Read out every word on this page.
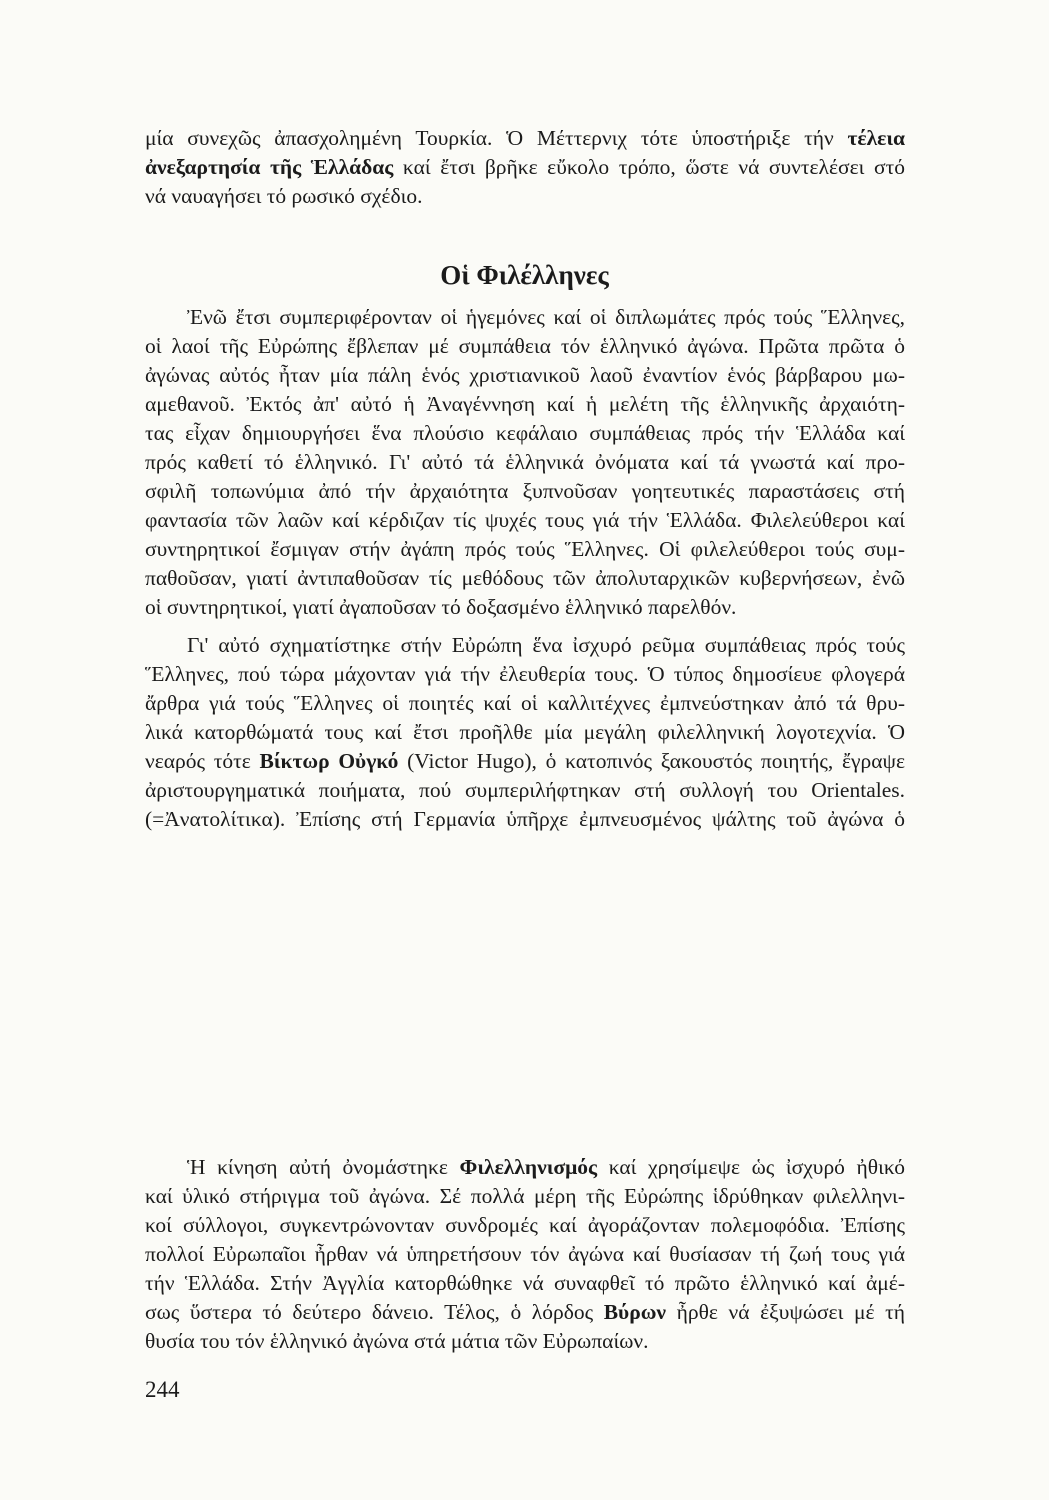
μία συνεχῶς ἀπασχολημένη Τουρκία. Ὁ Μέττερνιχ τότε ὑποστήριξε τήν τέλεια
ἀνεξαρτησία τῆς Ἑλλάδας καί ἔτσι βρῆκε εὔκολο τρόπο, ὥστε νά συντελέσει στό
νά ναυαγήσει τό ρωσικό σχέδιο.
Οἱ Φιλέλληνες
Ἐνῶ ἔτσι συμπεριφέρονταν οἱ ἡγεμόνες καί οἱ διπλωμάτες πρός τούς Ἕλληνες,
οἱ λαοί τῆς Εὐρώπης ἔβλεπαν μέ συμπάθεια τόν ἑλληνικό ἀγώνα. Πρῶτα πρῶτα ὁ
ἀγώνας αὐτός ἦταν μία πάλη ἑνός χριστιανικοῦ λαοῦ ἐναντίον ἑνός βάρβαρου μω-
αμεθανοῦ. Ἐκτός ἀπ' αὐτό ἡ Ἀναγέννηση καί ἡ μελέτη τῆς ἑλληνικῆς ἀρχαιότη-
τας εἶχαν δημιουργήσει ἕνα πλούσιο κεφάλαιο συμπάθειας πρός τήν Ἑλλάδα καί
πρός καθετί τό ἑλληνικό. Γι' αὐτό τά ἑλληνικά ὀνόματα καί τά γνωστά καί προ-
σφιλῆ τοπωνύμια ἀπό τήν ἀρχαιότητα ξυπνοῦσαν γοητευτικές παραστάσεις στή
φαντασία τῶν λαῶν καί κέρδιζαν τίς ψυχές τους γιά τήν Ἑλλάδα. Φιλελεύθεροι καί
συντηρητικοί ἔσμιγαν στήν ἀγάπη πρός τούς Ἕλληνες. Οἱ φιλελεύθεροι τούς συμ-
παθοῦσαν, γιατί ἀντιπαθοῦσαν τίς μεθόδους τῶν ἀπολυταρχικῶν κυβερνήσεων, ἐνῶ
οἱ συντηρητικοί, γιατί ἀγαποῦσαν τό δοξασμένο ἑλληνικό παρελθόν.
Γι' αὐτό σχηματίστηκε στήν Εὐρώπη ἕνα ἰσχυρό ρεῦμα συμπάθειας πρός τούς
Ἕλληνες, πού τώρα μάχονταν γιά τήν ἐλευθερία τους. Ὁ τύπος δημοσίευε φλογερά
ἄρθρα γιά τούς Ἕλληνες οἱ ποιητές καί οἱ καλλιτέχνες ἐμπνεύστηκαν ἀπό τά θρυ-
λικά κατορθώματά τους καί ἔτσι προῆλθε μία μεγάλη φιλελληνική λογοτεχνία. Ὁ
νεαρός τότε Βίκτωρ Οὐγκό (Victor Hugo), ὁ κατοπινός ξακουστός ποιητής, ἔγραψε
ἀριστουργηματικά ποιήματα, πού συμπεριλήφτηκαν στή συλλογή του Orientales.
(=Ἀνατολίτικα). Ἐπίσης στή Γερμανία ὑπῆρχε ἐμπνευσμένος ψάλτης τοῦ ἀγώνα ὁ
Ἡ κίνηση αὐτή ὀνομάστηκε Φιλελληνισμός καί χρησίμεψε ὡς ἰσχυρό ἠθικό
καί ὑλικό στήριγμα τοῦ ἀγώνα. Σέ πολλά μέρη τῆς Εὐρώπης ἱδρύθηκαν φιλελληνι-
κοί σύλλογοι, συγκεντρώνονταν συνδρομές καί ἀγοράζονταν πολεμοφόδια. Ἐπίσης
πολλοί Εὐρωπαῖοι ἦρθαν νά ὑπηρετήσουν τόν ἀγώνα καί θυσίασαν τή ζωή τους γιά
τήν Ἑλλάδα. Στήν Ἀγγλία κατορθώθηκε νά συναφθεῖ τό πρῶτο ἑλληνικό καί ἀμέ-
σως ὕστερα τό δεύτερο δάνειο. Τέλος, ὁ λόρδος Βύρων ἦρθε νά ἐξυψώσει μέ τή
θυσία του τόν ἑλληνικό ἀγώνα στά μάτια τῶν Εὐρωπαίων.
244
